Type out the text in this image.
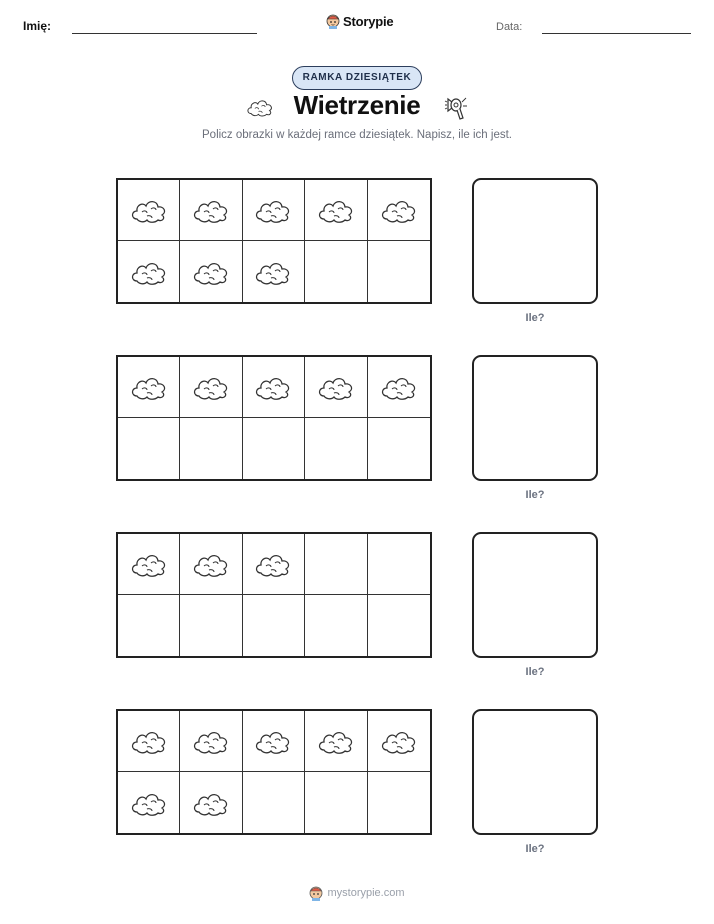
Imię:	Storypie	Data:
RAMKA DZIESIĄTEK
Wietrzenie
Policz obrazki w każdej ramce dziesiątek. Napisz, ile ich jest.
Ile?
Ile?
Ile?
Ile?
mystorypie.com
